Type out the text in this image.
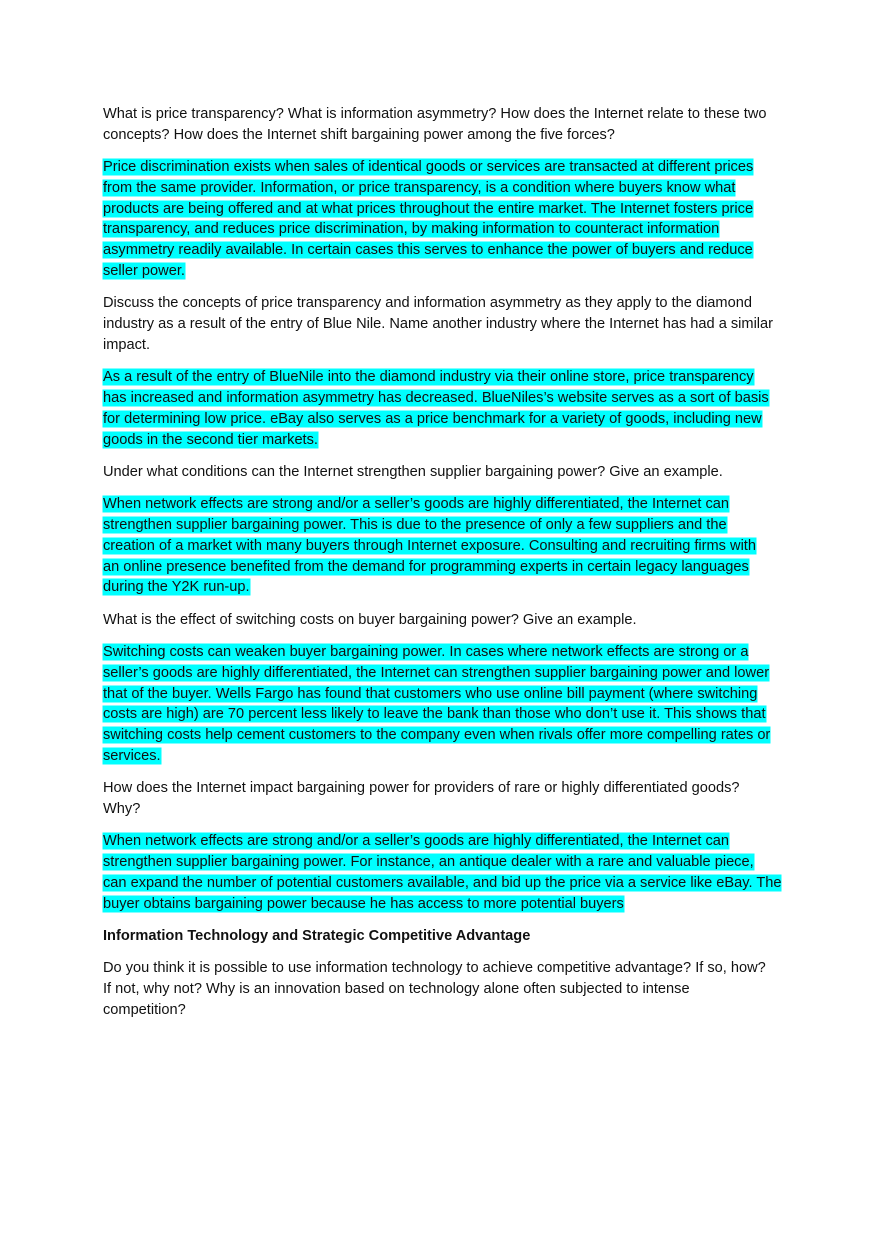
What is price transparency? What is information asymmetry? How does the Internet relate to these two
concepts? How does the Internet shift bargaining power among the five forces?
Price discrimination exists when sales of identical goods or services are transacted at different prices
from the same provider. Information, or price transparency, is a condition where buyers know what
products are being offered and at what prices throughout the entire market. The Internet fosters price
transparency, and reduces price discrimination, by making information to counteract information
asymmetry readily available. In certain cases this serves to enhance the power of buyers and reduce
seller power.
Discuss the concepts of price transparency and information asymmetry as they apply to the diamond
industry as a result of the entry of Blue Nile. Name another industry where the Internet has had a similar
impact.
As a result of the entry of BlueNile into the diamond industry via their online store, price transparency
has increased and information asymmetry has decreased. BlueNiles’s website serves as a sort of basis
for determining low price. eBay also serves as a price benchmark for a variety of goods, including new
goods in the second tier markets.
Under what conditions can the Internet strengthen supplier bargaining power? Give an example.
When network effects are strong and/or a seller’s goods are highly differentiated, the Internet can
strengthen supplier bargaining power. This is due to the presence of only a few suppliers and the
creation of a market with many buyers through Internet exposure. Consulting and recruiting firms with
an online presence benefited from the demand for programming experts in certain legacy languages
during the Y2K run-up.
What is the effect of switching costs on buyer bargaining power? Give an example.
Switching costs can weaken buyer bargaining power. In cases where network effects are strong or a
seller’s goods are highly differentiated, the Internet can strengthen supplier bargaining power and lower
that of the buyer. Wells Fargo has found that customers who use online bill payment (where switching
costs are high) are 70 percent less likely to leave the bank than those who don’t use it. This shows that
switching costs help cement customers to the company even when rivals offer more compelling rates or
services.
How does the Internet impact bargaining power for providers of rare or highly differentiated goods?
Why?
When network effects are strong and/or a seller’s goods are highly differentiated, the Internet can
strengthen supplier bargaining power. For instance, an antique dealer with a rare and valuable piece,
can expand the number of potential customers available, and bid up the price via a service like eBay. The
buyer obtains bargaining power because he has access to more potential buyers
Information Technology and Strategic Competitive Advantage
Do you think it is possible to use information technology to achieve competitive advantage? If so, how?
If not, why not? Why is an innovation based on technology alone often subjected to intense
competition?
